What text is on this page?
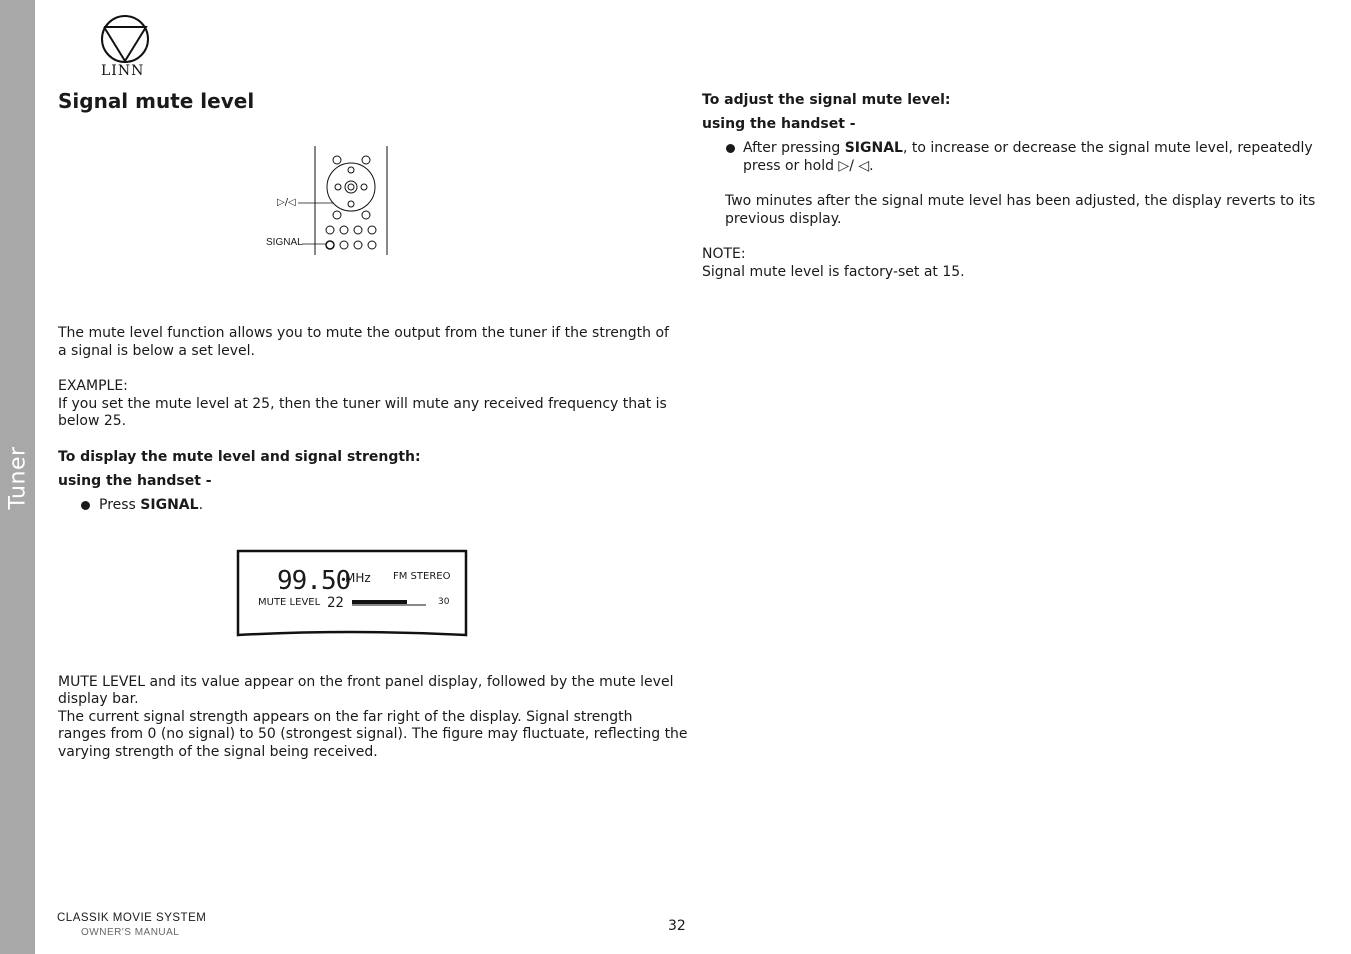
Tuner
LINN
Signal mute level
▷/◁
SIGNAL

The mute level function allows you to mute the output from the tuner if the strength of

a signal is below a set level.

EXAMPLE:

If you set the mute level at 25, then the tuner will mute any received frequency that is

below 25.

To display the mute level and signal strength:

using the handset -

Press SIGNAL.

99.50
MHz FM STEREO
MUTE LEVEL 22	30

MUTE LEVEL and its value appear on the front panel display, followed by the mute level

display bar.

The current signal strength appears on the far right of the display. Signal strength

ranges from 0 (no signal) to 50 (strongest signal). The figure may fluctuate, reflecting the

varying strength of the signal being received.

To adjust the signal mute level:

using the handset -

After pressing SIGNAL, to increase or decrease the signal mute level, repeatedly

press or hold ▷/ ◁.

Two minutes after the signal mute level has been adjusted, the display reverts to its

previous display.

NOTE:

Signal mute level is factory-set at 15.

CLASSIK MOVIE SYSTEM
OWNER'S MANUAL	32
